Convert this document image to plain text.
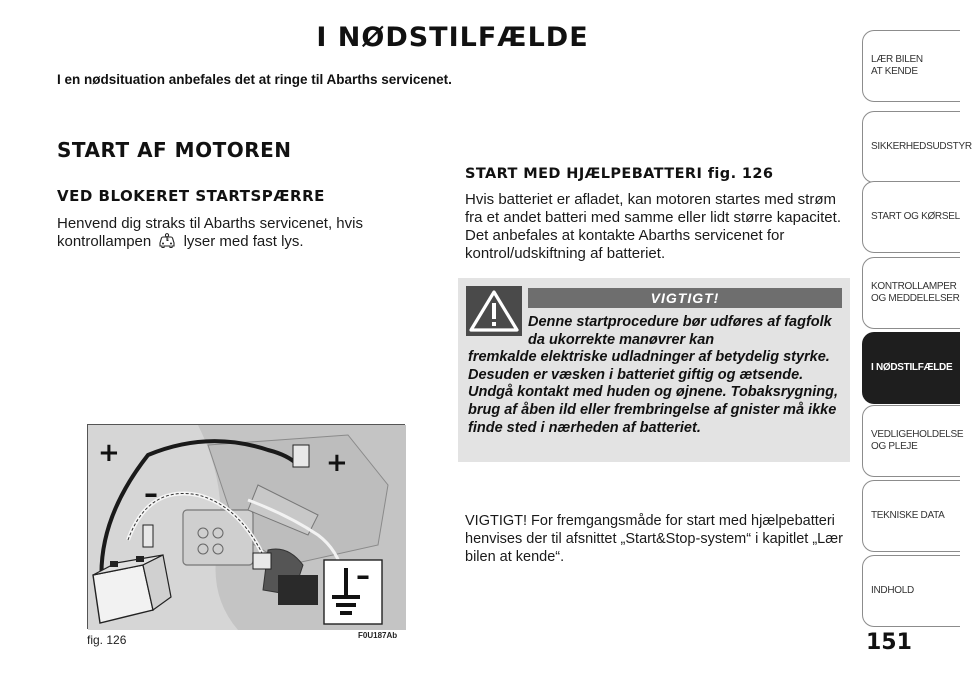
I NØDSTILFÆLDE
I en nødsituation anbefales det at ringe til Abarths servicenet.
START AF MOTOREN
VED BLOKERET STARTSPÆRRE
Henvend dig straks til Abarths servicenet, hvis kontrollampen lyser med fast lys.
START MED HJÆLPEBATTERI fig. 126
Hvis batteriet er afladet, kan motoren startes med strøm fra et andet batteri med samme eller lidt større kapacitet. Det anbefales at kontakte Abarths servicenet for kontrol/udskiftning af batteriet.
VIGTIGT!
Denne startprocedure bør udføres af fagfolk da ukorrekte manøvrer kan
fremkalde elektriske udladninger af betydelig styrke. Desuden er væsken i batteriet giftig og ætsende. Undgå kontakt med huden og øjnene. Tobaksrygning, brug af åben ild eller frembringelse af gnister må ikke finde sted i nærheden af batteriet.
VIGTIGT! For fremgangsmåde for start med hjælpebatteri henvises der til afsnittet „Start&Stop-system“ i kapitlet „Lær bilen at kende“.
+	+
–
–
fig. 126	F0U187Ab	151
LÆR BILEN
AT KENDE
SIKKERHEDSUDSTYR
START OG KØRSEL
KONTROLLAMPER
OG MEDDELELSER
I NØDSTILFÆLDE
VEDLIGEHOLDELSE
OG PLEJE
TEKNISKE DATA
INDHOLD
